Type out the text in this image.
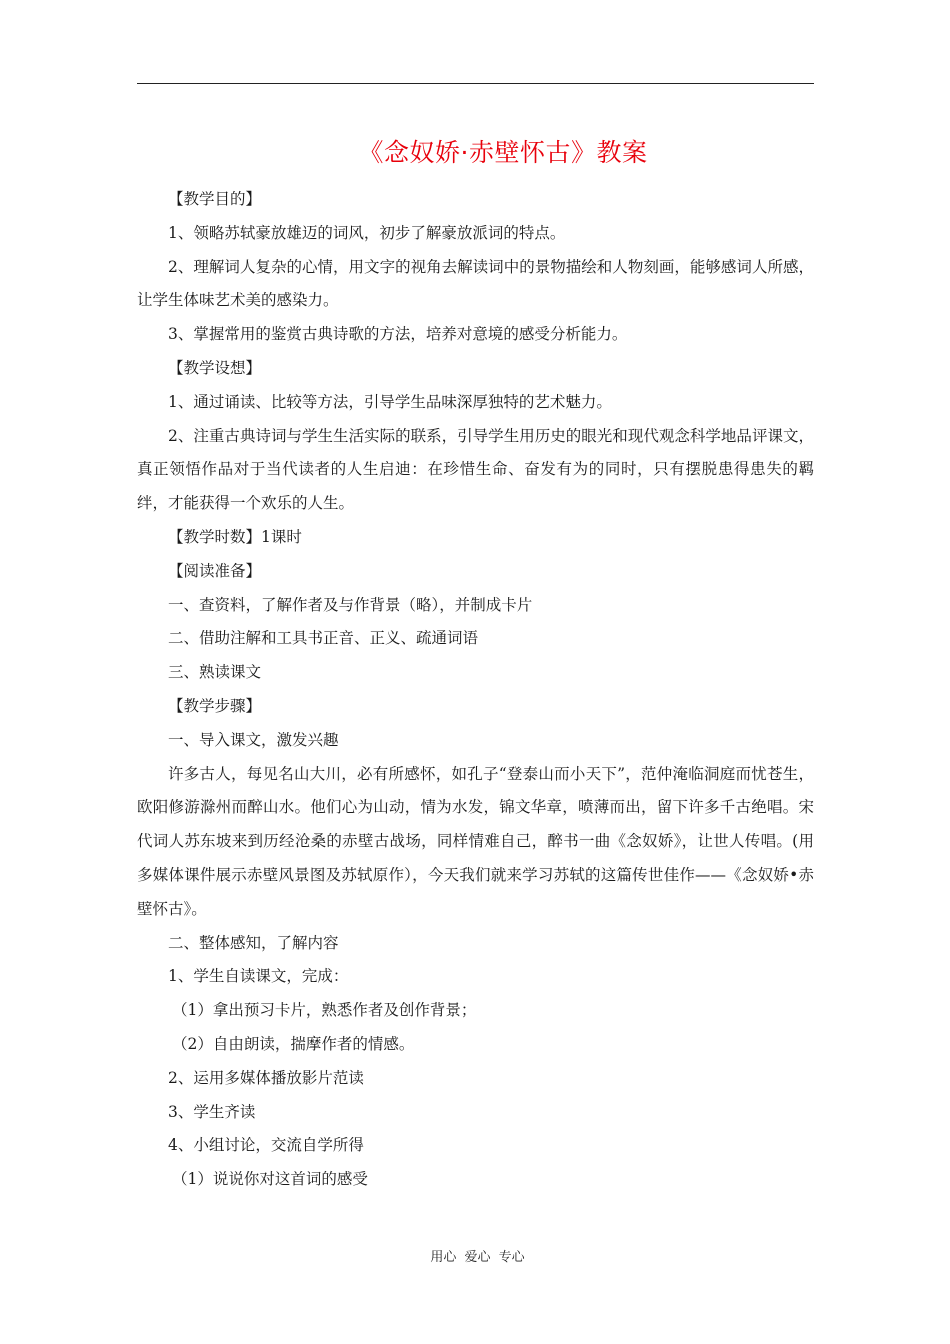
《念奴娇·赤壁怀古》教案

【教学目的】

1、领略苏轼豪放雄迈的词风，初步了解豪放派词的特点。

2、理解词人复杂的心情，用文字的视角去解读词中的景物描绘和人物刻画，能够感词人所感，让学生体味艺术美的感染力。

3、掌握常用的鉴赏古典诗歌的方法，培养对意境的感受分析能力。

【教学设想】

1、通过诵读、比较等方法，引导学生品味深厚独特的艺术魅力。

2、注重古典诗词与学生生活实际的联系，引导学生用历史的眼光和现代观念科学地品评课文，真正领悟作品对于当代读者的人生启迪：在珍惜生命、奋发有为的同时，只有摆脱患得患失的羁绊，才能获得一个欢乐的人生。

【教学时数】1课时

【阅读准备】

一、查资料，了解作者及与作背景（略），并制成卡片

二、借助注解和工具书正音、正义、疏通词语

三、熟读课文

【教学步骤】

一、导入课文，激发兴趣

许多古人，每见名山大川，必有所感怀，如孔子“登泰山而小天下”，范仲淹临洞庭而忧苍生，欧阳修游滁州而醉山水。他们心为山动，情为水发，锦文华章，喷薄而出，留下许多千古绝唱。宋代词人苏东坡来到历经沧桑的赤壁古战场，同样情难自己，醉书一曲《念奴娇》，让世人传唱。(用多媒体课件展示赤壁风景图及苏轼原作），今天我们就来学习苏轼的这篇传世佳作——《念奴娇•赤壁怀古》。

二、整体感知，了解内容

1、学生自读课文，完成：

（1）拿出预习卡片，熟悉作者及创作背景；

（2）自由朗读，揣摩作者的情感。

2、运用多媒体播放影片范读

3、学生齐读

4、小组讨论，交流自学所得

（1）说说你对这首词的感受

用心 爱心 专心
